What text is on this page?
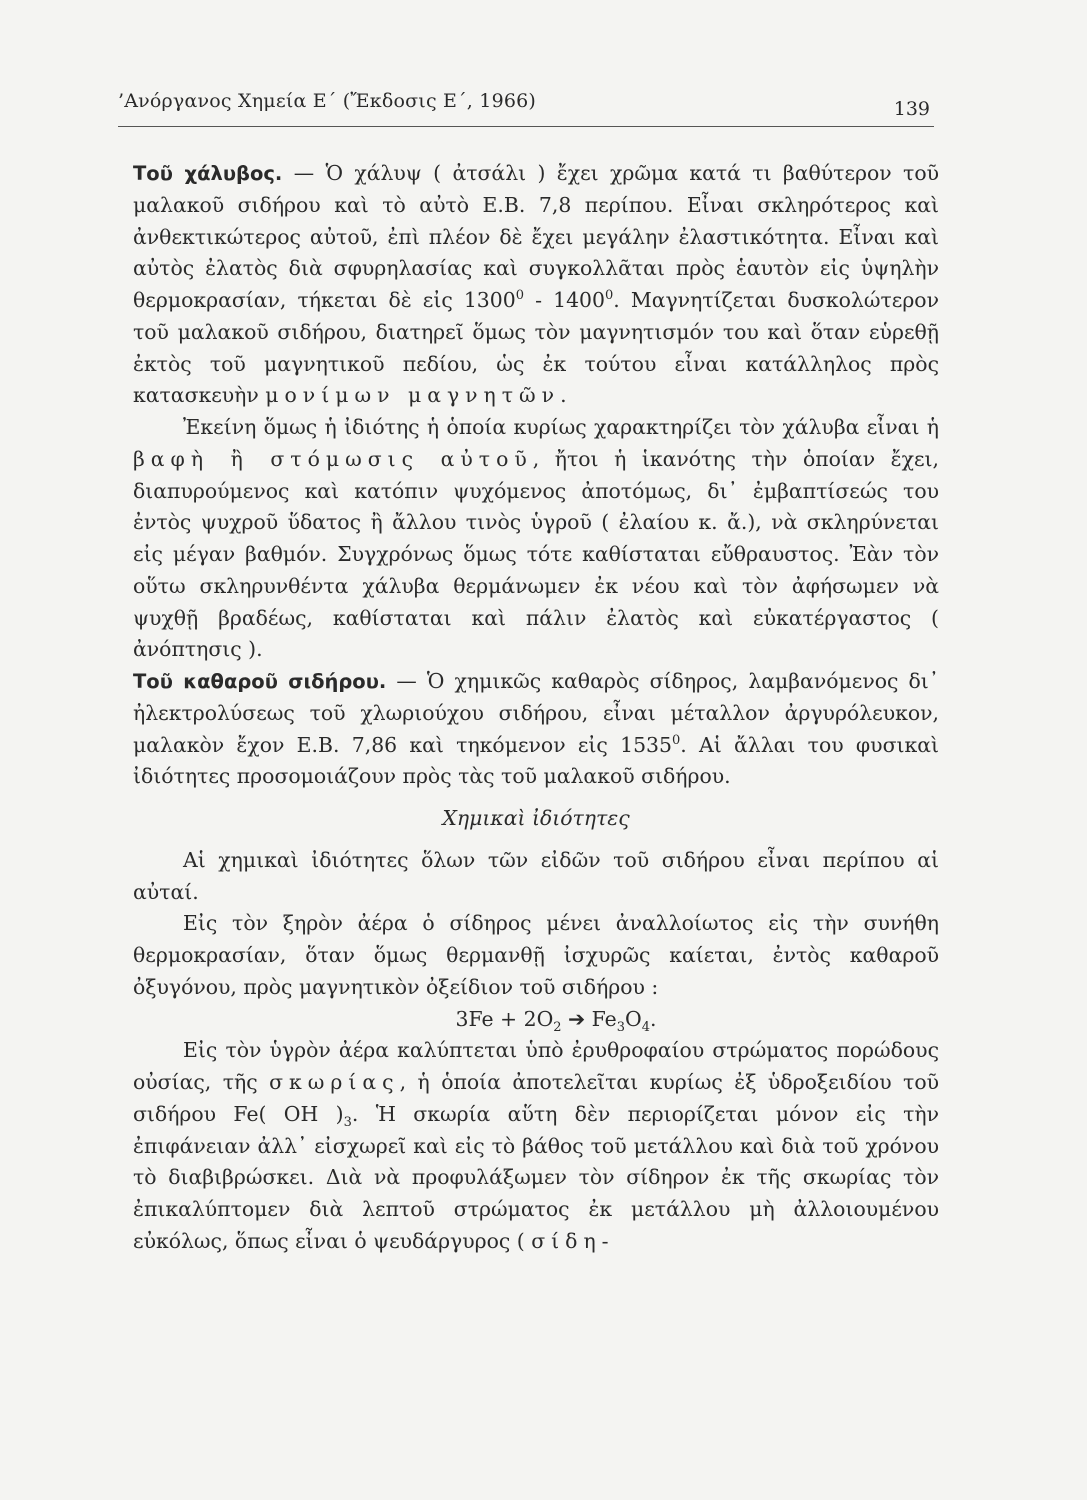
’Ανόργανος Χημεία Ε΄ (Ἔκδοσις Ε΄, 1966)	139

Τοῦ χάλυβος. — Ὁ χάλυψ ( ἀτσάλι ) ἔχει χρῶμα κατά τι βαθύτερον τοῦ μαλακοῦ σιδήρου καὶ τὸ αὐτὸ Ε.Β. 7,8 περίπου. Εἶναι σκληρότερος καὶ ἀνθεκτικώτερος αὐτοῦ, ἐπὶ πλέον δὲ ἔχει μεγάλην ἐλαστικότητα. Εἶναι καὶ αὐτὸς ἐλατὸς διὰ σφυρηλασίας καὶ συγκολλᾶται πρὸς ἑαυτὸν εἰς ὑψηλὴν θερμοκρασίαν, τήκεται δὲ εἰς 1300$^0$ - 1400$^0$. Μαγνητίζεται δυσκολώτερον τοῦ μαλακοῦ σιδήρου, διατηρεῖ ὅμως τὸν μαγνητισμόν του καὶ ὅταν εὑρεθῇ ἐκτὸς τοῦ μαγνητικοῦ πεδίου, ὡς ἐκ τούτου εἶναι κατάλληλος πρὸς κατασκευὴν μονίμων μαγνητῶν.

Ἐκείνη ὅμως ἡ ἰδιότης ἡ ὁποία κυρίως χαρακτηρίζει τὸν χάλυβα εἶναι ἡ βαφὴ ἢ στόμωσις αὐτοῦ, ἤτοι ἡ ἱκανότης τὴν ὁποίαν ἔχει, διαπυρούμενος καὶ κατόπιν ψυχόμενος ἀποτόμως, δι᾽ ἐμβαπτίσεώς του ἐντὸς ψυχροῦ ὕδατος ἢ ἄλλου τινὸς ὑγροῦ ( ἐλαίου κ. ἄ.), νὰ σκληρύνεται εἰς μέγαν βαθμόν. Συγχρόνως ὅμως τότε καθίσταται εὔθραυστος. Ἐὰν τὸν οὕτω σκληρυνθέντα χάλυβα θερμάνωμεν ἐκ νέου καὶ τὸν ἀφήσωμεν νὰ ψυχθῇ βραδέως, καθίσταται καὶ πάλιν ἐλατὸς καὶ εὐκατέργαστος ( ἀνόπτησις ).

Τοῦ καθαροῦ σιδήρου. — Ὁ χημικῶς καθαρὸς σίδηρος, λαμβανόμενος δι᾽ ἠλεκτρολύσεως τοῦ χλωριούχου σιδήρου, εἶναι μέταλλον ἀργυρόλευκον, μαλακὸν ἔχον Ε.Β. 7,86 καὶ τηκόμενον εἰς 1535$^0$. Αἱ ἄλλαι του φυσικαὶ ἰδιότητες προσομοιάζουν πρὸς τὰς τοῦ μαλακοῦ σιδήρου.

Χημικαὶ ἰδιότητες

Αἱ χημικαὶ ἰδιότητες ὅλων τῶν εἰδῶν τοῦ σιδήρου εἶναι περίπου αἱ αὐταί.

Εἰς τὸν ξηρὸν ἀέρα ὁ σίδηρος μένει ἀναλλοίωτος εἰς τὴν συνήθη θερμοκρασίαν, ὅταν ὅμως θερμανθῇ ἰσχυρῶς καίεται, ἐντὸς καθαροῦ ὀξυγόνου, πρὸς μαγνητικὸν ὀξείδιον τοῦ σιδήρου :

$3Fe + 2O_2$ ➔ $Fe_3O_4$.

Εἰς τὸν ὑγρὸν ἀέρα καλύπτεται ὑπὸ ἐρυθροφαίου στρώματος πορώδους οὐσίας, τῆς σκωρίας, ἡ ὁποία ἀποτελεῖται κυρίως ἐξ ὑδροξειδίου τοῦ σιδήρου Fe( OH )$_3$. Ἡ σκωρία αὕτη δὲν περιορίζεται μόνον εἰς τὴν ἐπιφάνειαν ἀλλ᾽ εἰσχωρεῖ καὶ εἰς τὸ βάθος τοῦ μετάλλου καὶ διὰ τοῦ χρόνου τὸ διαβιβρώσκει. Διὰ νὰ προφυλάξωμεν τὸν σίδηρον ἐκ τῆς σκωρίας τὸν ἐπικαλύπτομεν διὰ λεπτοῦ στρώματος ἐκ μετάλλου μὴ ἀλλοιουμένου εὐκόλως, ὅπως εἶναι ὁ ψευδάργυρος ( σίδη-
